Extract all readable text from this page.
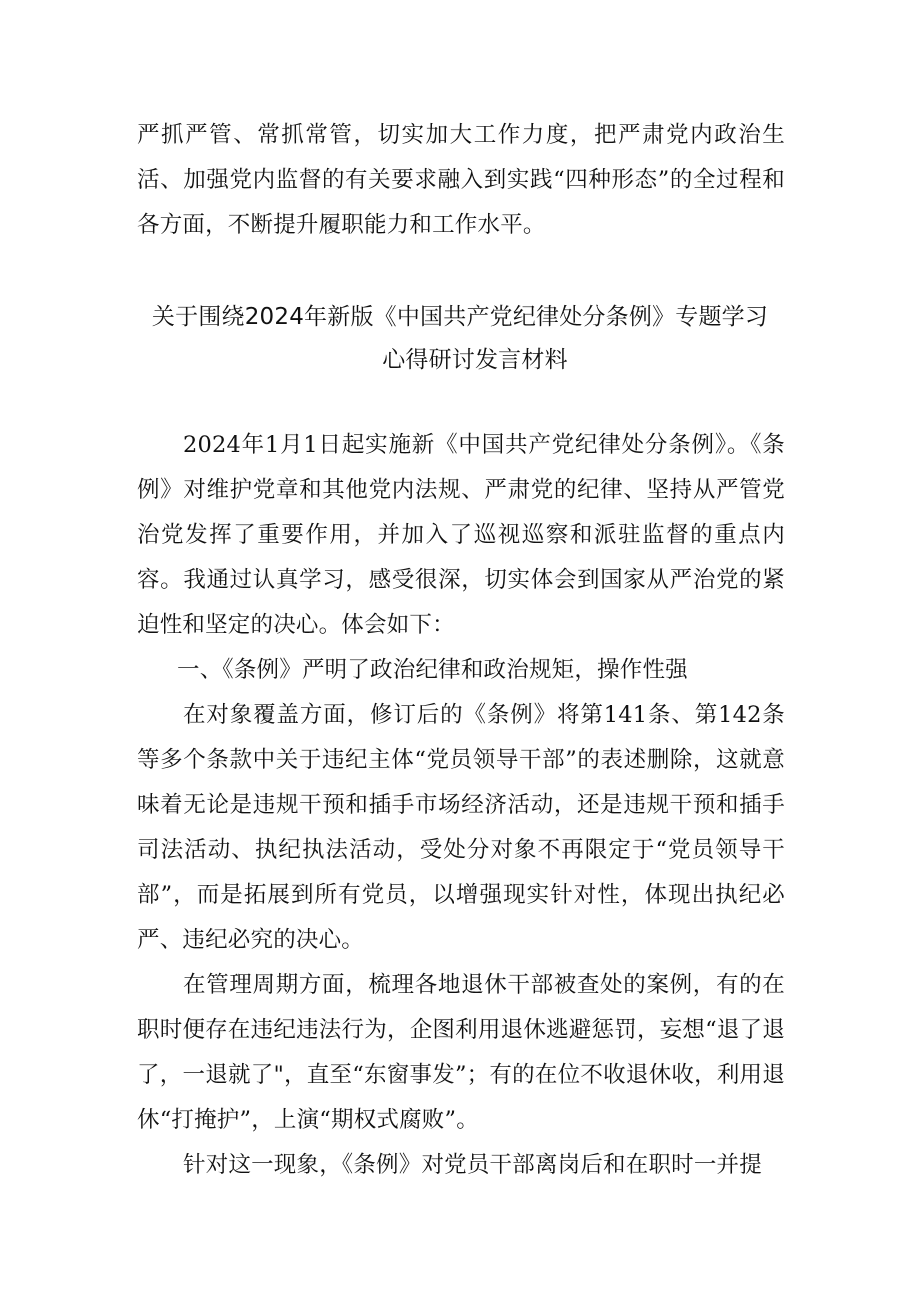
严抓严管、常抓常管，切实加大工作力度，把严肃党内政治生活、加强党内监督的有关要求融入到实践“四种形态”的全过程和各方面，不断提升履职能力和工作水平。

关于围绕2024年新版《中国共产党纪律处分条例》专题学习

心得研讨发言材料

2024年1月1日起实施新《中国共产党纪律处分条例》。《条例》对维护党章和其他党内法规、严肃党的纪律、坚持从严管党治党发挥了重要作用，并加入了巡视巡察和派驻监督的重点内容。我通过认真学习，感受很深，切实体会到国家从严治党的紧迫性和坚定的决心。体会如下：

一、《条例》严明了政治纪律和政治规矩，操作性强

在对象覆盖方面，修订后的《条例》将第141条、第142条等多个条款中关于违纪主体“党员领导干部”的表述删除，这就意味着无论是违规干预和插手市场经济活动，还是违规干预和插手司法活动、执纪执法活动，受处分对象不再限定于“党员领导干部”，而是拓展到所有党员，以增强现实针对性，体现出执纪必严、违纪必究的决心。

在管理周期方面，梳理各地退休干部被查处的案例，有的在职时便存在违纪违法行为，企图利用退休逃避惩罚，妄想“退了退了，一退就了"，直至“东窗事发”；有的在位不收退休收，利用退休“打掩护”，上演“期权式腐败”。

针对这一现象，《条例》对党员干部离岗后和在职时一并提
